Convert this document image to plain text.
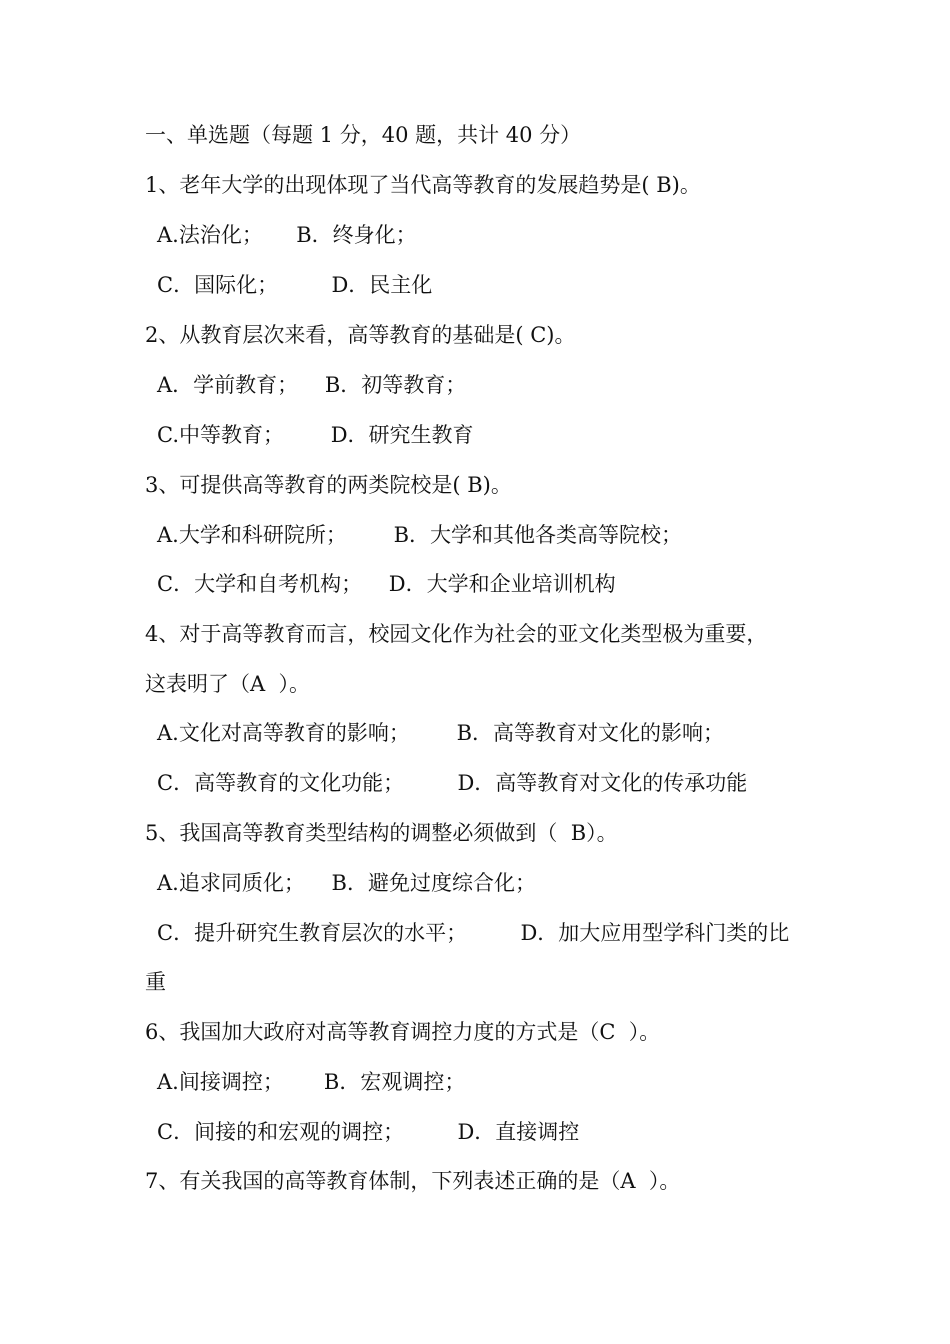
一、单选题（每题 1 分，40 题，共计 40 分）
1、老年大学的出现体现了当代高等教育的发展趋势是( B)。
A.法治化；     B．终身化；
C．国际化；        D．民主化
2、从教育层次来看，高等教育的基础是( C)。
A．学前教育；    B．初等教育；
C.中等教育；       D．研究生教育
3、可提供高等教育的两类院校是( B)。
A.大学和科研院所；       B．大学和其他各类高等院校；
C．大学和自考机构；    D．大学和企业培训机构
4、对于高等教育而言，校园文化作为社会的亚文化类型极为重要，
这表明了（A  ）。
A.文化对高等教育的影响；       B．高等教育对文化的影响；
C．高等教育的文化功能；        D．高等教育对文化的传承功能
5、我国高等教育类型结构的调整必须做到（  B）。
A.追求同质化；    B．避免过度综合化；
C．提升研究生教育层次的水平；        D．加大应用型学科门类的比
重
6、我国加大政府对高等教育调控力度的方式是（C  ）。
A.间接调控；      B．宏观调控；
C．间接的和宏观的调控；        D．直接调控
7、有关我国的高等教育体制，下列表述正确的是（A  ）。
